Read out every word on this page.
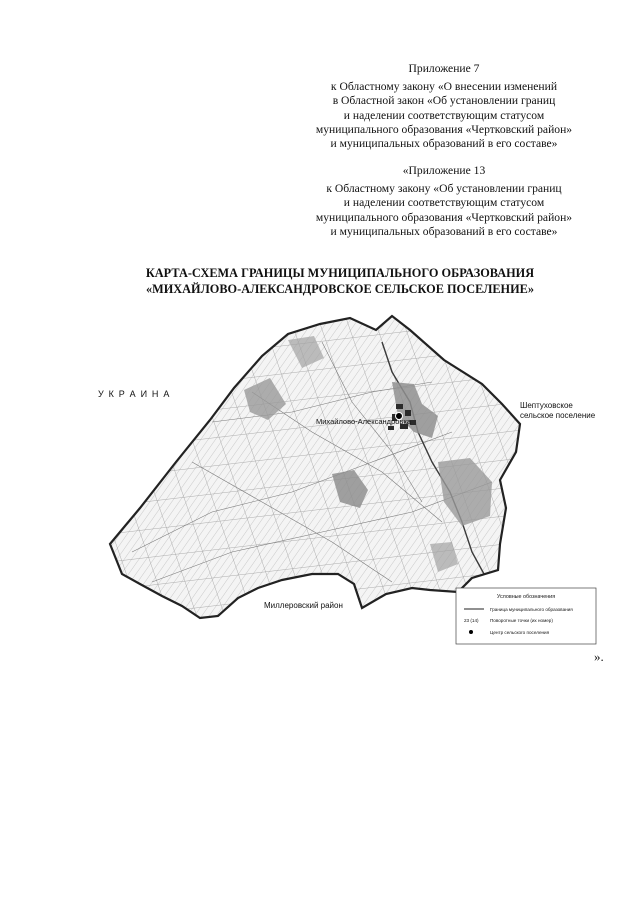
Приложение 7
к Областному закону «О внесении изменений
в Областной закон «Об установлении границ
и наделении соответствующим статусом
муниципального образования «Чертковский район»
и муниципальных образований в его составе»
«Приложение 13
к Областному закону «Об установлении границ
и наделении соответствующим статусом
муниципального образования «Чертковский район»
и муниципальных образований в его составе»
КАРТА-СХЕМА ГРАНИЦЫ МУНИЦИПАЛЬНОГО ОБРАЗОВАНИЯ
«МИХАЙЛОВО-АЛЕКСАНДРОВСКОЕ СЕЛЬСКОЕ ПОСЕЛЕНИЕ»
У К Р А И Н А
Михайлово-Александровка
Шептуховское
сельское поселение
Миллеровский район
Условные обозначения
Граница муниципального образования
23 (14) Поворотные точки (их номер)
Центр сельского поселения
».
